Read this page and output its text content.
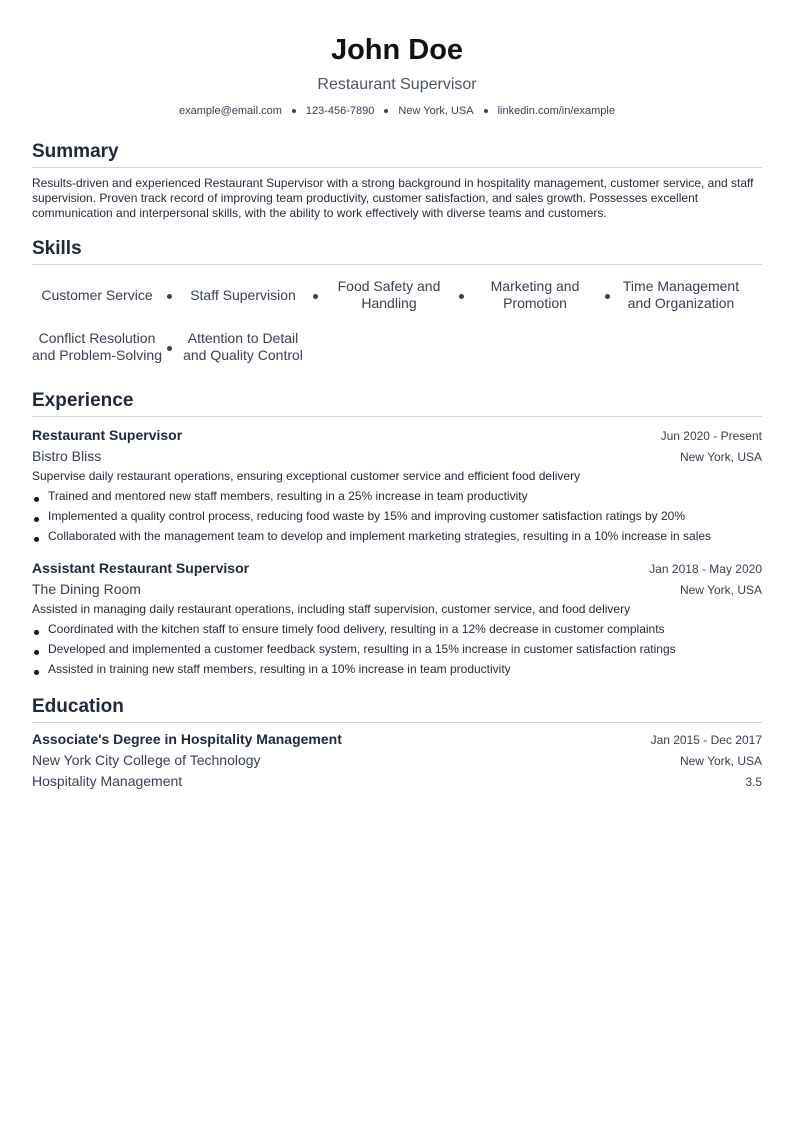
John Doe
Restaurant Supervisor
example@email.com 123-456-7890 New York, USA linkedin.com/in/example
Summary
Results-driven and experienced Restaurant Supervisor with a strong background in hospitality management, customer service, and staff supervision. Proven track record of improving team productivity, customer satisfaction, and sales growth. Possesses excellent communication and interpersonal skills, with the ability to work effectively with diverse teams and customers.
Skills
Customer Service	Staff Supervision
Food Safety and Handling
Marketing and Promotion
Time Management and Organization
Conflict Resolution and Problem-Solving
Attention to Detail and Quality Control
Experience
Restaurant Supervisor	Jun 2020 - Present
Bistro Bliss	New York, USA
Supervise daily restaurant operations, ensuring exceptional customer service and efficient food delivery
Trained and mentored new staff members, resulting in a 25% increase in team productivity
Implemented a quality control process, reducing food waste by 15% and improving customer satisfaction ratings by 20%
Collaborated with the management team to develop and implement marketing strategies, resulting in a 10% increase in sales
Assistant Restaurant Supervisor	Jan 2018 - May 2020
The Dining Room	New York, USA
Assisted in managing daily restaurant operations, including staff supervision, customer service, and food delivery
Coordinated with the kitchen staff to ensure timely food delivery, resulting in a 12% decrease in customer complaints
Developed and implemented a customer feedback system, resulting in a 15% increase in customer satisfaction ratings
Assisted in training new staff members, resulting in a 10% increase in team productivity
Education
Associate's Degree in Hospitality Management	Jan 2015 - Dec 2017
New York City College of Technology	New York, USA
Hospitality Management	3.5
